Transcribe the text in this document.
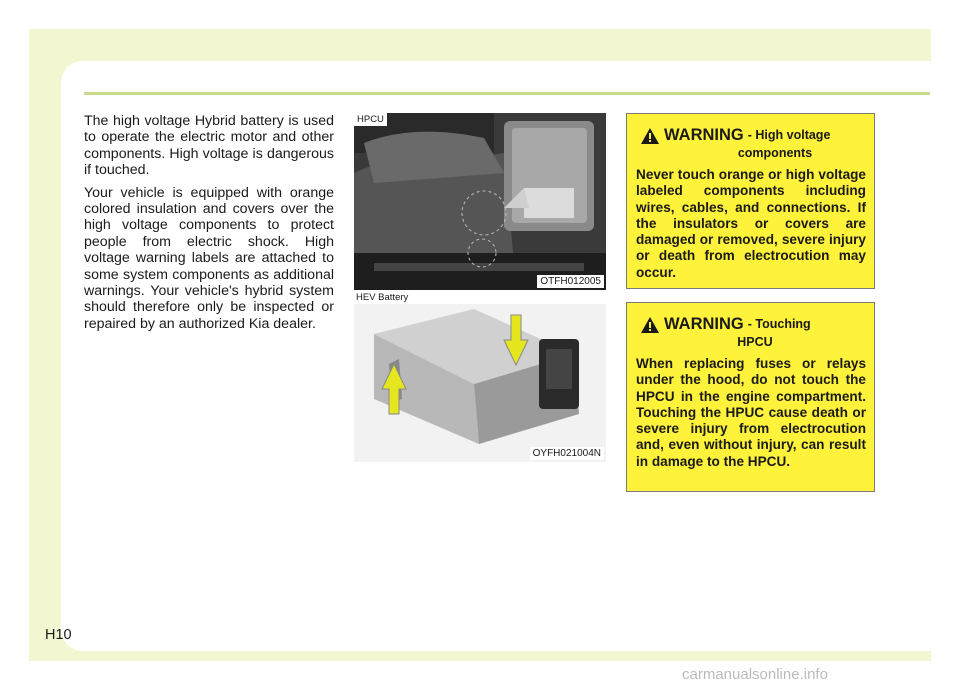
The high voltage Hybrid battery is used to operate the electric motor and other components. High voltage is dangerous if touched.

Your vehicle is equipped with orange colored insulation and covers over the high voltage components to protect people from electric shock. High voltage warning labels are attached to some system components as additional warnings. Your vehicle's hybrid system should therefore only be inspected or repaired by an authorized Kia dealer.

HPCU
OTFH012005
HEV Battery
OYFH021004N
WARNING - High voltage
components
Never touch orange or high voltage labeled components including wires, cables, and connections. If the insulators or covers are damaged or removed, severe injury or death from electrocution may occur.
WARNING - Touching
HPCU
When replacing fuses or relays under the hood, do not touch the HPCU in the engine compartment. Touching the HPUC cause death or severe injury from electrocution and, even without injury, can result in damage to the HPCU.
H10
carmanualsonline.info
